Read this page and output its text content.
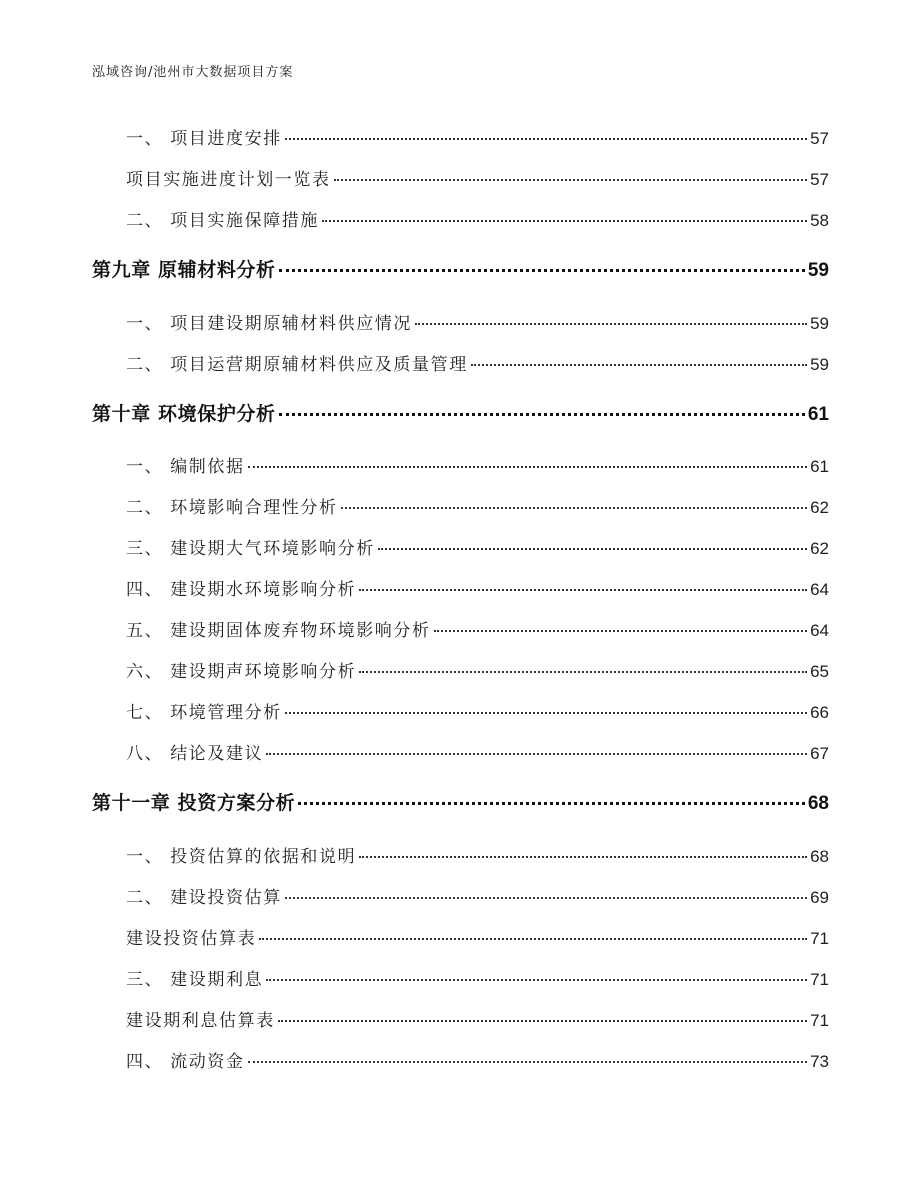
泓域咨询/池州市大数据项目方案
一、 项目进度安排	57
项目实施进度计划一览表	57
二、 项目实施保障措施	58
第九章 原辅材料分析	59
一、 项目建设期原辅材料供应情况	59
二、 项目运营期原辅材料供应及质量管理	59
第十章 环境保护分析	61
一、 编制依据	61
二、 环境影响合理性分析	62
三、 建设期大气环境影响分析	62
四、 建设期水环境影响分析	64
五、 建设期固体废弃物环境影响分析	64
六、 建设期声环境影响分析	65
七、 环境管理分析	66
八、 结论及建议	67
第十一章 投资方案分析	68
一、 投资估算的依据和说明	68
二、 建设投资估算	69
建设投资估算表	71
三、 建设期利息	71
建设期利息估算表	71
四、 流动资金	73
